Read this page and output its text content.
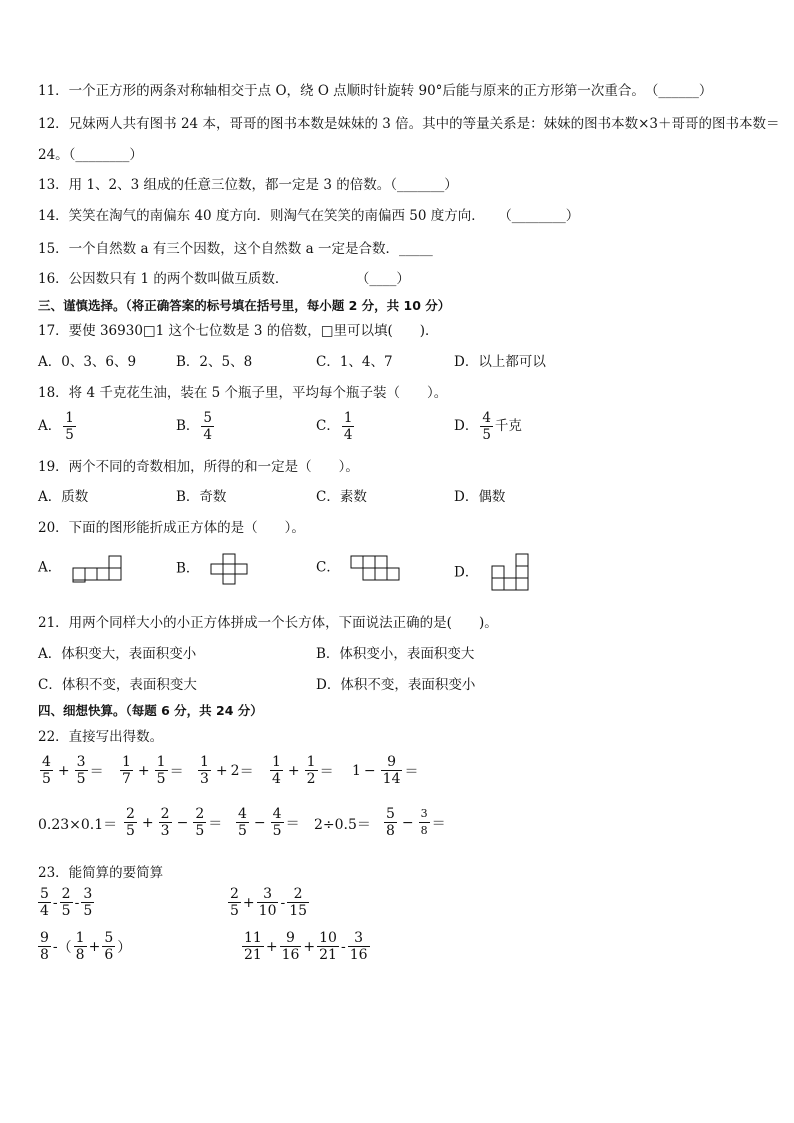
11．一个正方形的两条对称轴相交于点 O，绕 O 点顺时针旋转 90°后能与原来的正方形第一次重合。　（______）
12．兄妹两人共有图书 24 本，哥哥的图书本数是妹妹的 3 倍。其中的等量关系是：妹妹的图书本数×3＋哥哥的图书本数＝
24。（________）
13．用 1、2、3 组成的任意三位数，都一定是 3 的倍数。（_______）
14．笑笑在淘气的南偏东 40 度方向．则淘气在笑笑的南偏西 50 度方向．　　（________）
15．一个自然数 a 有三个因数，这个自然数 a 一定是合数．_____
16．公因数只有 1 的两个数叫做互质数．　　　　　　（____）
三、谨慎选择。（将正确答案的标号填在括号里，每小题 2 分，共 10 分）
17．要使 36930□1 这个七位数是 3 的倍数，□里可以填(　　)．
A．0、3、6、9	B．2、5、8	C．1、4、7	D．以上都可以
18．将 4 千克花生油，装在 5 个瓶子里，平均每个瓶子装（　　）。
A． $\frac{1}{5}$	B． $\frac{5}{4}$	C． $\frac{1}{4}$	D． $\frac{4}{5}$ 千克
19．两个不同的奇数相加，所得的和一定是（　　）。
A．质数	B．奇数	C．素数	D．偶数
20．下面的图形能折成正方体的是（　　）。
A．	B．	C．	D．
21．用两个同样大小的小正方体拼成一个长方体，下面说法正确的是(　　)。
A．体积变大，表面积变小	B．体积变小，表面积变大
C．体积不变，表面积变大	D．体积不变，表面积变小
四、细想快算。（每题 6 分，共 24 分）
22．直接写出得数。
$\frac{4}{5} + \frac{3}{5} = \frac{1}{7} + \frac{1}{5} = \frac{1}{3} + 2 = \frac{1}{4} + \frac{1}{2} = 1 - \frac{9}{14}$ ＝
$0.23\times 0.1= \frac{2}{5} + \frac{2}{3} - \frac{2}{5} = \frac{4}{5} - \frac{4}{5} = 2\div 0.5= \frac{5}{8} - \frac{3}{8}$ ＝
23．能简算的要简算
$\frac{5}{4} - \frac{2}{5} - \frac{3}{5}$	$\frac{2}{5} + \frac{3}{10} - \frac{2}{15}$
$\frac{9}{8}$ - （ $\frac{1}{8} + \frac{5}{6}$ ）	$\frac{11}{21} + \frac{9}{16} + \frac{10}{21} - \frac{3}{16}$
